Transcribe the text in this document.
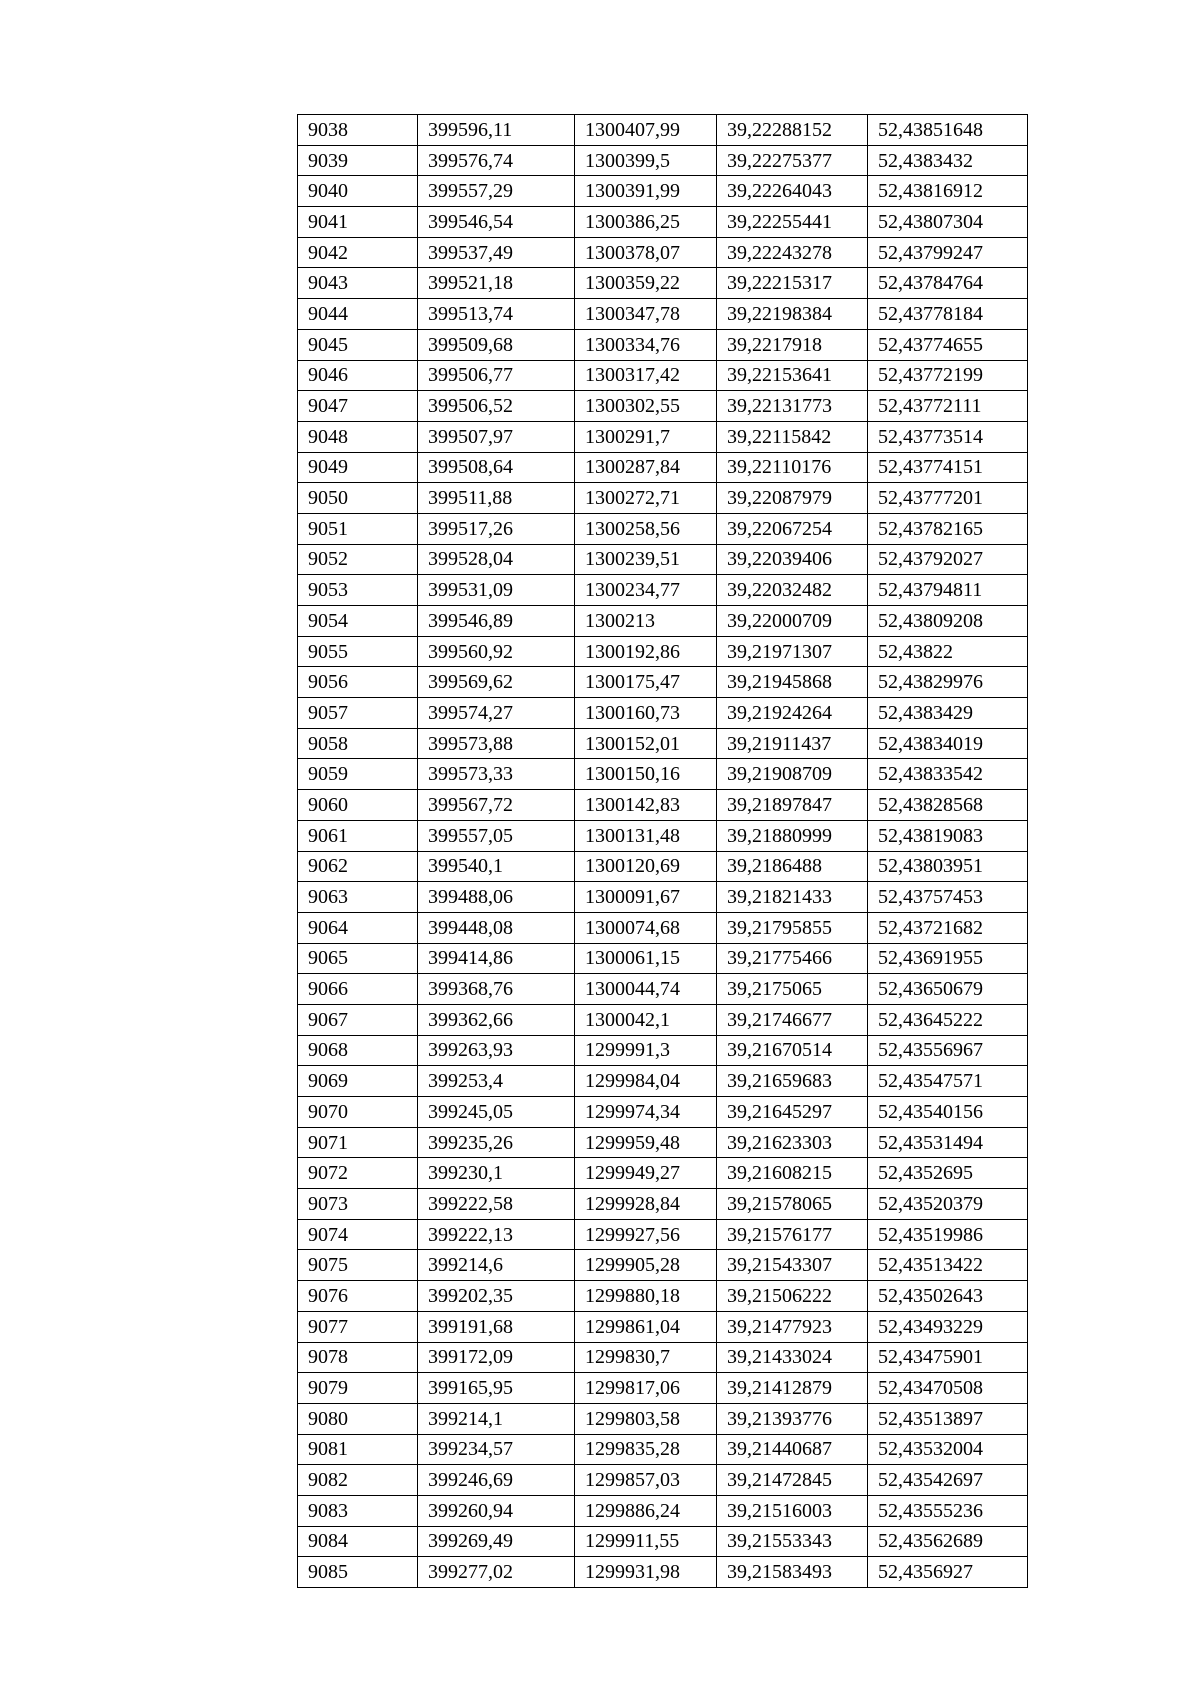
9038	399596,11	1300407,99	39,22288152	52,43851648
9039	399576,74	1300399,5	39,22275377	52,4383432
9040	399557,29	1300391,99	39,22264043	52,43816912
9041	399546,54	1300386,25	39,22255441	52,43807304
9042	399537,49	1300378,07	39,22243278	52,43799247
9043	399521,18	1300359,22	39,22215317	52,43784764
9044	399513,74	1300347,78	39,22198384	52,43778184
9045	399509,68	1300334,76	39,2217918	52,43774655
9046	399506,77	1300317,42	39,22153641	52,43772199
9047	399506,52	1300302,55	39,22131773	52,43772111
9048	399507,97	1300291,7	39,22115842	52,43773514
9049	399508,64	1300287,84	39,22110176	52,43774151
9050	399511,88	1300272,71	39,22087979	52,43777201
9051	399517,26	1300258,56	39,22067254	52,43782165
9052	399528,04	1300239,51	39,22039406	52,43792027
9053	399531,09	1300234,77	39,22032482	52,43794811
9054	399546,89	1300213	39,22000709	52,43809208
9055	399560,92	1300192,86	39,21971307	52,43822
9056	399569,62	1300175,47	39,21945868	52,43829976
9057	399574,27	1300160,73	39,21924264	52,4383429
9058	399573,88	1300152,01	39,21911437	52,43834019
9059	399573,33	1300150,16	39,21908709	52,43833542
9060	399567,72	1300142,83	39,21897847	52,43828568
9061	399557,05	1300131,48	39,21880999	52,43819083
9062	399540,1	1300120,69	39,2186488	52,43803951
9063	399488,06	1300091,67	39,21821433	52,43757453
9064	399448,08	1300074,68	39,21795855	52,43721682
9065	399414,86	1300061,15	39,21775466	52,43691955
9066	399368,76	1300044,74	39,2175065	52,43650679
9067	399362,66	1300042,1	39,21746677	52,43645222
9068	399263,93	1299991,3	39,21670514	52,43556967
9069	399253,4	1299984,04	39,21659683	52,43547571
9070	399245,05	1299974,34	39,21645297	52,43540156
9071	399235,26	1299959,48	39,21623303	52,43531494
9072	399230,1	1299949,27	39,21608215	52,4352695
9073	399222,58	1299928,84	39,21578065	52,43520379
9074	399222,13	1299927,56	39,21576177	52,43519986
9075	399214,6	1299905,28	39,21543307	52,43513422
9076	399202,35	1299880,18	39,21506222	52,43502643
9077	399191,68	1299861,04	39,21477923	52,43493229
9078	399172,09	1299830,7	39,21433024	52,43475901
9079	399165,95	1299817,06	39,21412879	52,43470508
9080	399214,1	1299803,58	39,21393776	52,43513897
9081	399234,57	1299835,28	39,21440687	52,43532004
9082	399246,69	1299857,03	39,21472845	52,43542697
9083	399260,94	1299886,24	39,21516003	52,43555236
9084	399269,49	1299911,55	39,21553343	52,43562689
9085	399277,02	1299931,98	39,21583493	52,4356927
